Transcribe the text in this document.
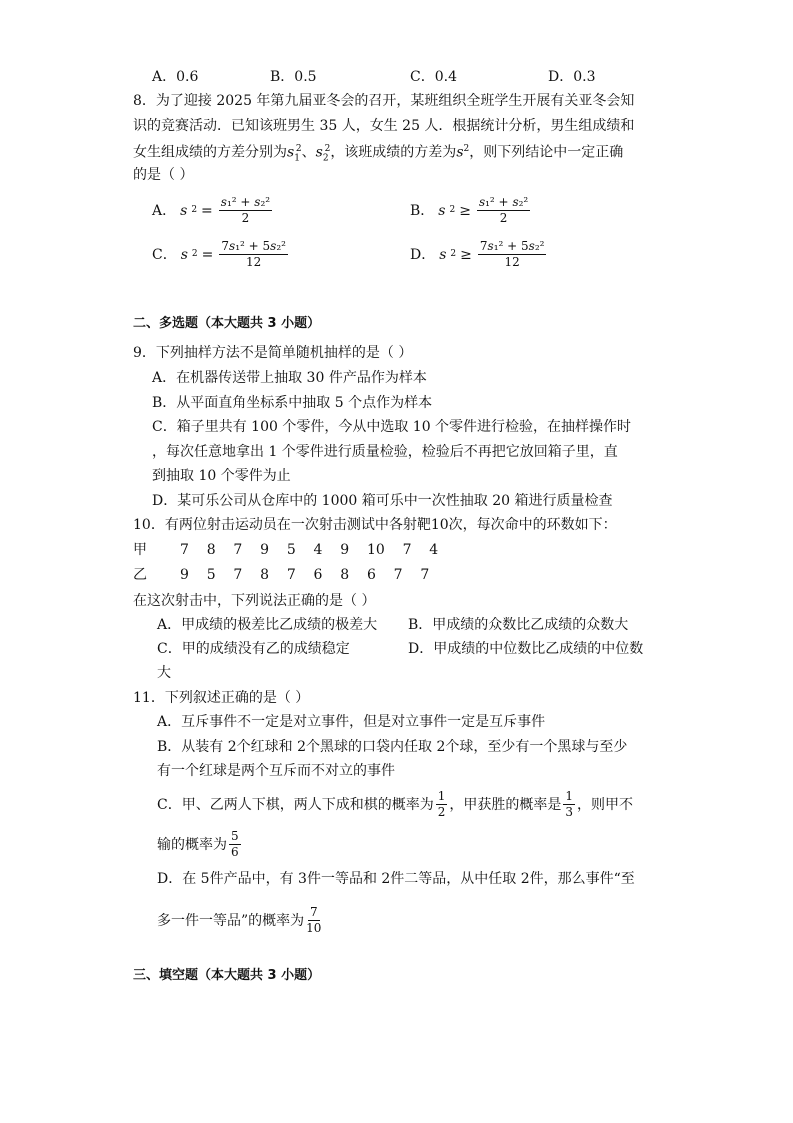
A．0.6	B．0.5	C．0.4	D．0.3
8．为了迎接 2025 年第九届亚冬会的召开，某班组织全班学生开展有关亚冬会知
识的竞赛活动．已知该班男生 35 人，女生 25 人．根据统计分析，男生组成绩和
女生组成绩的方差分别为$s_1^2$、$s_2^2$，该班成绩的方差为$s^2$，则下列结论中一定正确
的是（ ）
A． s $2 = \frac{\text{s₁² + s₂²}}{2}$	B． s $2 \ge \frac{\text{s₁² + s₂²}}{2}$
C． s $2 = \frac{\text{7s₁² + 5s₂²}}{12}$	D． s $2 \ge \frac{\text{7s₁² + 5s₂²}}{12}$
二、多选题（本大题共 3 小题）
9．下列抽样方法不是简单随机抽样的是（ ）
A．在机器传送带上抽取 30 件产品作为样本
B．从平面直角坐标系中抽取 5 个点作为样本
C．箱子里共有 100 个零件，今从中选取 10 个零件进行检验，在抽样操作时
，每次任意地拿出 1 个零件进行质量检验，检验后不再把它放回箱子里，直
到抽取 10 个零件为止
D．某可乐公司从仓库中的 1000 箱可乐中一次性抽取 20 箱进行质量检查
10．有两位射击运动员在一次射击测试中各射靶10次，每次命中的环数如下：
甲 7    8    7    9    5    4    9    10    7    4
乙 9    5    7    8    7    6    8    6    7    7
在这次射击中，下列说法正确的是（ ）
A．甲成绩的极差比乙成绩的极差大 B．甲成绩的众数比乙成绩的众数大
C．甲的成绩没有乙的成绩稳定	D．甲成绩的中位数比乙成绩的中位数
大
11．下列叙述正确的是（ ）
A．互斥事件不一定是对立事件，但是对立事件一定是互斥事件
B．从装有 2个红球和 2个黑球的口袋内任取 2个球，至少有一个黑球与至少
有一个红球是两个互斥而不对立的事件
C．甲、乙两人下棋，两人下成和棋的概率为 $\frac{1}{2}$ ，甲获胜的概率是 $\frac{1}{3}$ ，则甲不
输的概率为 $\frac{5}{6}$
D．在 5件产品中，有 3件一等品和 2件二等品，从中任取 2件，那么事件“至
多一件一等品”的概率为 $\frac{7}{10}$
三、填空题（本大题共 3 小题）
